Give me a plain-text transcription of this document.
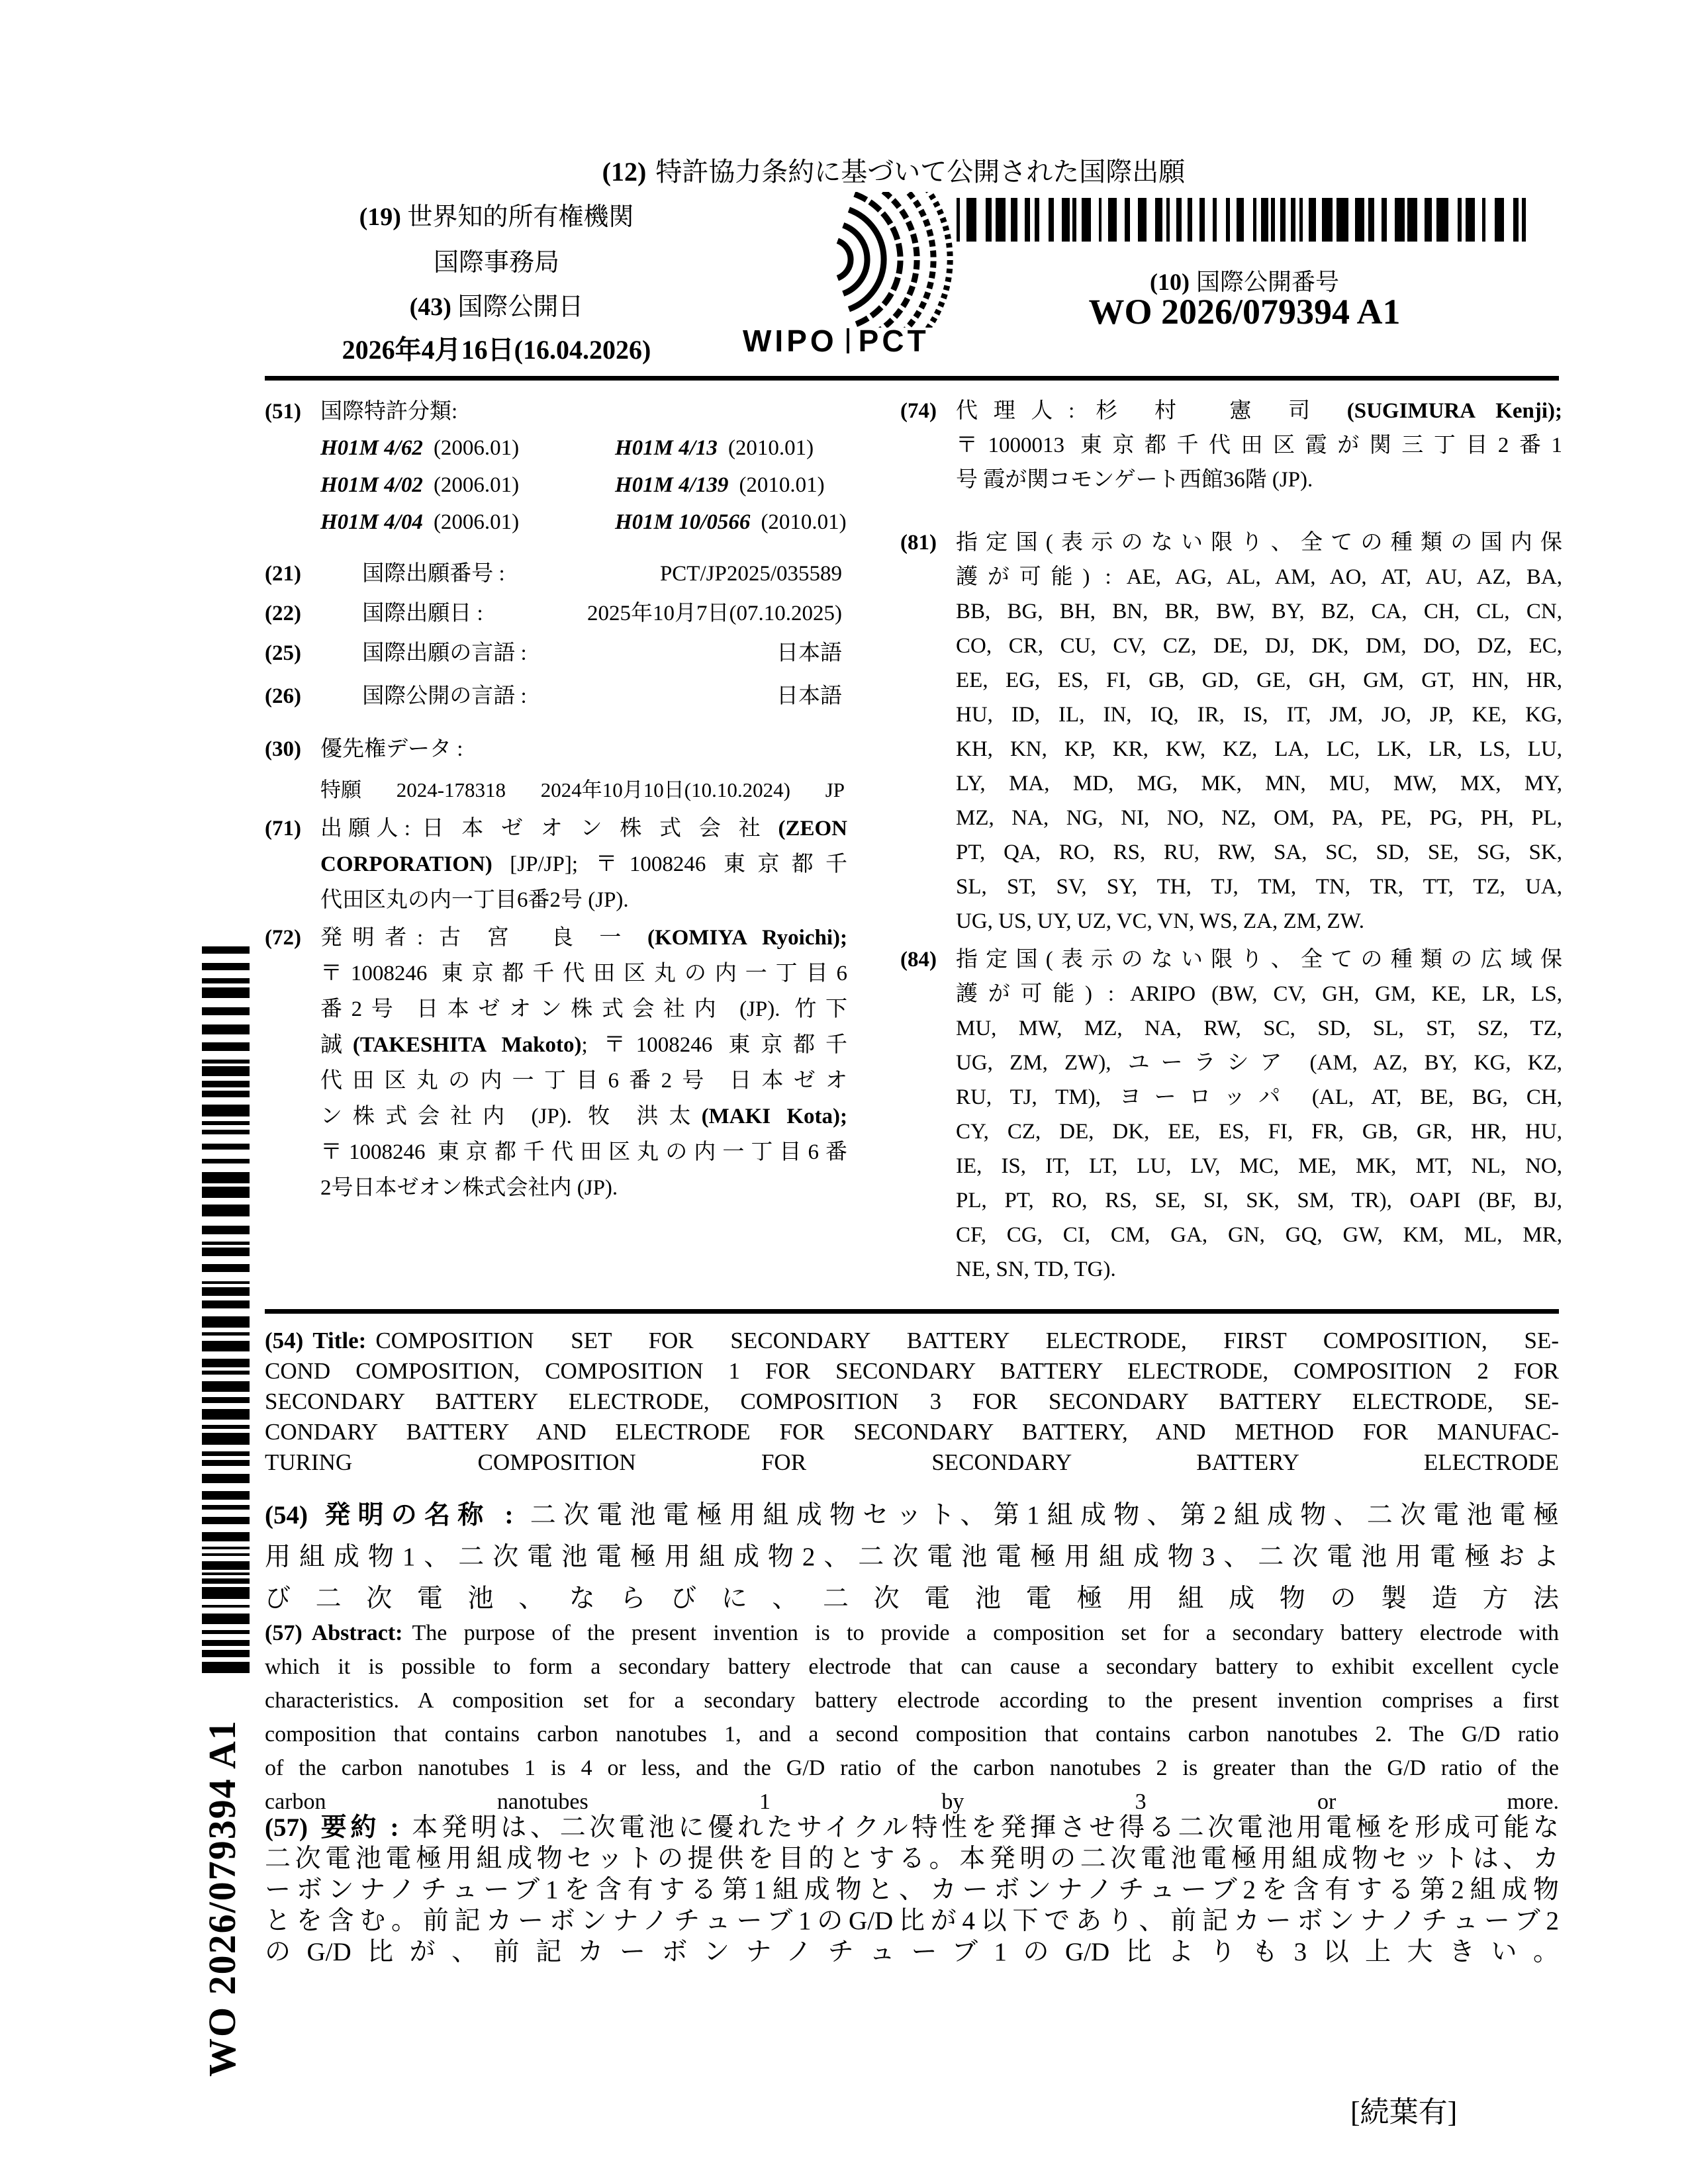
(12) 特許協力条約に基づいて公開された国際出願
(19) 世界知的所有権機関
国際事務局
(43) 国際公開日
2026年4月16日(16.04.2026)	WIPO PCT
(10) 国際公開番号
WO 2026/079394 A1
WO 2026/079394 A1
(51) 国際特許分類:
H01M 4/62 (2006.01)	H01M 4/13 (2010.01)
H01M 4/02 (2006.01)	H01M 4/139 (2010.01)
H01M 4/04 (2006.01)	H01M 10/0566 (2010.01)
(21)	国際出願番号 :	PCT/JP2025/035589
(22)	国際出願日 :	2025年10月7日(07.10.2025)
(25)	国際出願の言語 :	日本語
(26)	国際公開の言語 :	日本語
(30) 優先権データ :
特願 2024-178318 2024年10月10日(10.10.2024) JP
(71) 出願人: 日 本 ゼ オ ン 株 式 会 社 (ZEON
CORPORATION) [JP/JP]; 〒1008246 東京都千
代田区丸の内一丁目6番2号 (JP).
(72) 発明者: 古 宮　良 一 (KOMIYA Ryoichi);
〒1008246 東京都千代田区丸の内一丁目6
番2号 日本ゼオン株式会社内 (JP). 竹下
誠(TAKESHITA Makoto); 〒1008246 東京都千
代田区丸の内一丁目6番2号 日本ゼオ
ン株式会社内 (JP). 牧 洪太(MAKI Kota);
〒1008246 東京都千代田区丸の内一丁目6番
2号日本ゼオン株式会社内 (JP).
(74) 代理人: 杉 村　憲 司 (SUGIMURA Kenji);
〒1000013 東京都千代田区霞が関三丁目2番1
号 霞が関コモンゲート西館36階 (JP).
(81) 指定国(表示のない限り、全ての種類の国内保
護が可能) : AE, AG, AL, AM, AO, AT, AU, AZ, BA,
BB, BG, BH, BN, BR, BW, BY, BZ, CA, CH, CL, CN,
CO, CR, CU, CV, CZ, DE, DJ, DK, DM, DO, DZ, EC,
EE, EG, ES, FI, GB, GD, GE, GH, GM, GT, HN, HR,
HU, ID, IL, IN, IQ, IR, IS, IT, JM, JO, JP, KE, KG,
KH, KN, KP, KR, KW, KZ, LA, LC, LK, LR, LS, LU,
LY, MA, MD, MG, MK, MN, MU, MW, MX, MY,
MZ, NA, NG, NI, NO, NZ, OM, PA, PE, PG, PH, PL,
PT, QA, RO, RS, RU, RW, SA, SC, SD, SE, SG, SK,
SL, ST, SV, SY, TH, TJ, TM, TN, TR, TT, TZ, UA,
UG, US, UY, UZ, VC, VN, WS, ZA, ZM, ZW.
(84) 指定国(表示のない限り、全ての種類の広域保
護が可能) : ARIPO (BW, CV, GH, GM, KE, LR, LS,
MU, MW, MZ, NA, RW, SC, SD, SL, ST, SZ, TZ,
UG, ZM, ZW), ユーラシア (AM, AZ, BY, KG, KZ,
RU, TJ, TM), ヨーロッパ (AL, AT, BE, BG, CH,
CY, CZ, DE, DK, EE, ES, FI, FR, GB, GR, HR, HU,
IE, IS, IT, LT, LU, LV, MC, ME, MK, MT, NL, NO,
PL, PT, RO, RS, SE, SI, SK, SM, TR), OAPI (BF, BJ,
CF, CG, CI, CM, GA, GN, GQ, GW, KM, ML, MR,
NE, SN, TD, TG).
(54) Title: COMPOSITION SET FOR SECONDARY BATTERY ELECTRODE, FIRST COMPOSITION, SE-
COND COMPOSITION, COMPOSITION 1 FOR SECONDARY BATTERY ELECTRODE, COMPOSITION 2 FOR
SECONDARY BATTERY ELECTRODE, COMPOSITION 3 FOR SECONDARY BATTERY ELECTRODE, SE-
CONDARY BATTERY AND ELECTRODE FOR SECONDARY BATTERY, AND METHOD FOR MANUFAC-
TURING COMPOSITION FOR SECONDARY BATTERY ELECTRODE
(54) 発明の名称 : 二次電池電極用組成物セット、第1組成物、第2組成物、二次電池電極
用組成物1、二次電池電極用組成物2、二次電池電極用組成物3、二次電池用電極およ
び二次電池、ならびに、二次電池電極用組成物の製造方法
(57) Abstract: The purpose of the present invention is to provide a composition set for a secondary battery electrode with
which it is possible to form a secondary battery electrode that can cause a secondary battery to exhibit excellent cycle
characteristics. A composition set for a secondary battery electrode according to the present invention comprises a first
composition that contains carbon nanotubes 1, and a second composition that contains carbon nanotubes 2. The G/D ratio
of the carbon nanotubes 1 is 4 or less, and the G/D ratio of the carbon nanotubes 2 is greater than the G/D ratio of the
carbon nanotubes 1 by 3 or more.
(57) 要約 : 本発明は、二次電池に優れたサイクル特性を発揮させ得る二次電池用電極を形成可能な
二次電池電極用組成物セットの提供を目的とする。本発明の二次電池電極用組成物セットは、カ
ーボンナノチューブ1を含有する第1組成物と、カーボンナノチューブ2を含有する第2組成物
とを含む。前記カーボンナノチューブ1のG/D比が4以下であり、前記カーボンナノチューブ2
のG/D比が、前記カーボンナノチューブ1のG/D比よりも3以上大きい。
[続葉有]
